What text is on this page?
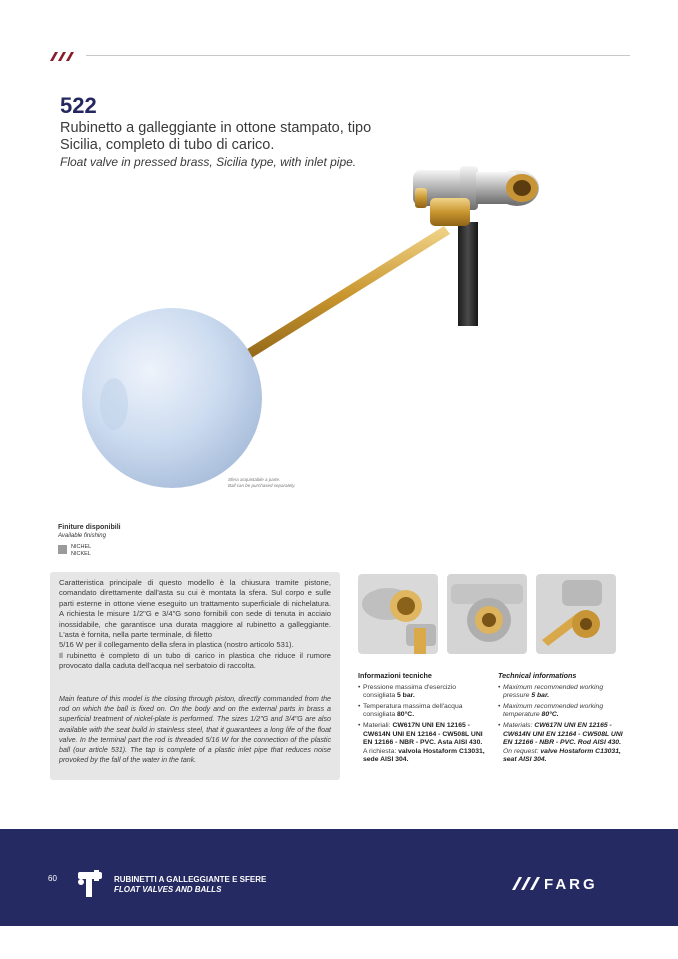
522
Rubinetto a galleggiante in ottone stampato, tipo Sicilia, completo di tubo di carico.
Float valve in pressed brass, Sicilia type, with inlet pipe.
Sfera acquistabile a parte.
Ball can be purchased separately.
Finiture disponibili
Available finishing
NICHEL
NICKEL
Caratteristica principale di questo modello è la chiusura tramite pistone, comandato direttamente dall'asta su cui è montata la sfera. Sul corpo e sulle parti esterne in ottone viene eseguito un trattamento superficiale di nichelatura. A richiesta le misure 1/2"G e 3/4"G sono fornibili con sede di tenuta in acciaio inossidabile, che garantisce una durata maggiore al rubinetto a galleggiante. L'asta è fornita, nella parte terminale, di filetto
5/16 W per il collegamento della sfera in plastica (nostro articolo 531).
Il rubinetto è completo di un tubo di carico in plastica che riduce il rumore provocato dalla caduta dell'acqua nel serbatoio di raccolta.
Main feature of this model is the closing through piston, directly commanded from the rod on which the ball is fixed on. On the body and on the external parts in brass a superficial treatment of nickel-plate is performed. The sizes 1/2"G and 3/4"G are also available with the seat build in stainless steel, that it guarantees a long life of the float valve. In the terminal part the rod is threaded 5/16 W for the connection of the plastic ball (our article 531). The tap is complete of a plastic inlet pipe that reduces noise provoked by the fall of the water in the tank.
Informazioni tecniche
• Pressione massima d'esercizio consigliata 5 bar.
• Temperatura massima dell'acqua consigliata 80°C.
• Materiali: CW617N UNI EN 12165 - CW614N UNI EN 12164 - CW508L UNI EN 12166 - NBR - PVC. Asta AISI 430.
A richiesta: valvola Hostaform C13031, sede AISI 304.
Technical informations
• Maximum recommended working pressure 5 bar.
• Maximum recommended working temperature 80°C.
• Materials: CW617N UNI EN 12165 - CW614N UNI EN 12164 - CW508L UNI EN 12166 - NBR - PVC. Rod AISI 430.
On request: valve Hostaform C13031, seat AISI 304.
60	RUBINETTI A GALLEGGIANTE E SFERE
FLOAT VALVES AND BALLS	FARG
